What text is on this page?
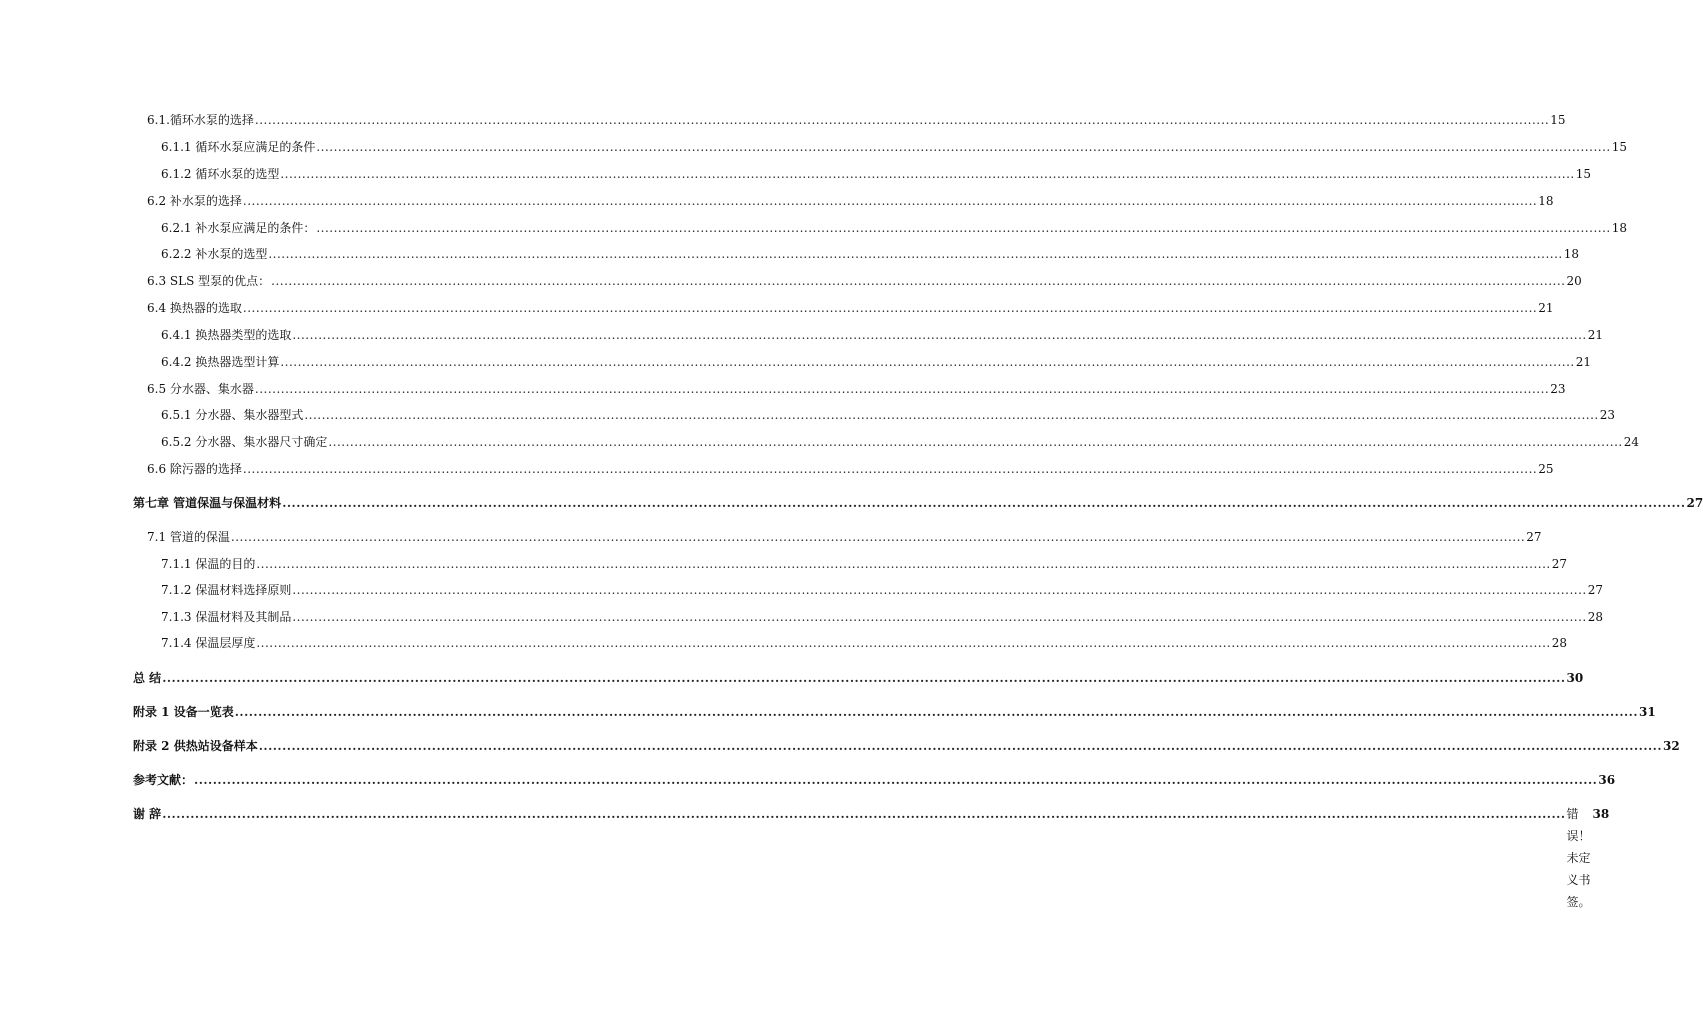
6.1.循环水泵的选择 ............................................................................................................................................................................................................................................................................................................ 15
6.1.1 循环水泵应满足的条件 ............................................................................................................................................................................................................................................................................................................ 15
6.1.2 循环水泵的选型 ............................................................................................................................................................................................................................................................................................................ 15
6.2 补水泵的选择 ............................................................................................................................................................................................................................................................................................................ 18
6.2.1 补水泵应满足的条件： ............................................................................................................................................................................................................................................................................................................ 18
6.2.2 补水泵的选型 ............................................................................................................................................................................................................................................................................................................ 18
6.3 SLS 型泵的优点： ............................................................................................................................................................................................................................................................................................................ 20
6.4 换热器的选取 ............................................................................................................................................................................................................................................................................................................ 21
6.4.1 换热器类型的选取 ............................................................................................................................................................................................................................................................................................................ 21
6.4.2 换热器选型计算 ............................................................................................................................................................................................................................................................................................................ 21
6.5 分水器、集水器 ............................................................................................................................................................................................................................................................................................................ 23
6.5.1 分水器、集水器型式 ............................................................................................................................................................................................................................................................................................................ 23
6.5.2 分水器、集水器尺寸确定 ............................................................................................................................................................................................................................................................................................................ 24
6.6 除污器的选择 ............................................................................................................................................................................................................................................................................................................ 25
第七章 管道保温与保温材料 ............................................................................................................................................................................................................................................................................................................ 27
7.1 管道的保温 ............................................................................................................................................................................................................................................................................................................ 27
7.1.1 保温的目的 ............................................................................................................................................................................................................................................................................................................ 27
7.1.2 保温材料选择原则 ............................................................................................................................................................................................................................................................................................................ 27
7.1.3 保温材料及其制品 ............................................................................................................................................................................................................................................................................................................ 28
7.1.4 保温层厚度 ............................................................................................................................................................................................................................................................................................................ 28
总 结 ............................................................................................................................................................................................................................................................................................................ 30
附录 1 设备一览表 ............................................................................................................................................................................................................................................................................................................ 31
附录 2 供热站设备样本 ............................................................................................................................................................................................................................................................................................................ 32
参考文献： ............................................................................................................................................................................................................................................................................................................ 36
谢 辞 ............................................................................................................................................................................................................................................................................................................ 错误！未定义书签。
38
